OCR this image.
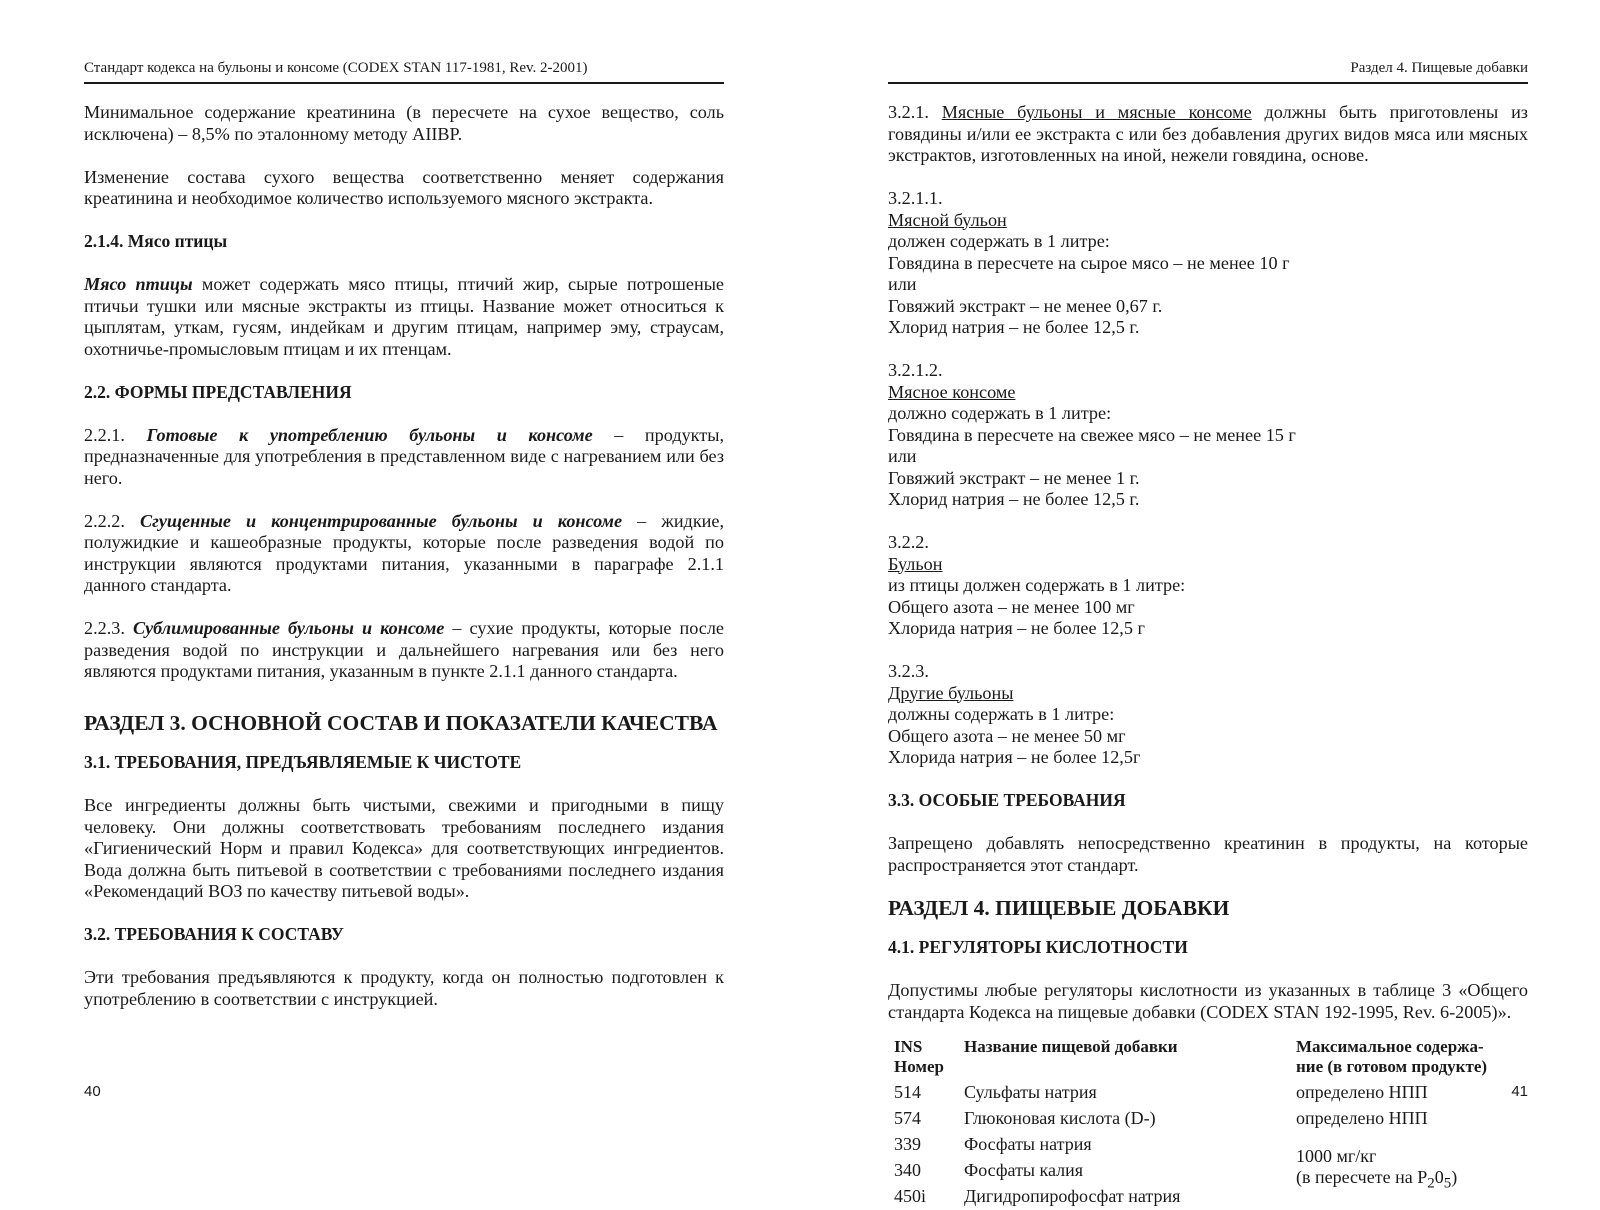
Стандарт кодекса на бульоны и консоме (CODEX STAN 117-1981, Rev. 2-2001)

Минимальное содержание креатинина (в пересчете на сухое вещество, соль исключена) – 8,5% по эталонному методу AIIBP.

Изменение состава сухого вещества соответственно меняет содержания креатинина и необходимое количество используемого мясного экстракта.

2.1.4. Мясо птицы

Мясо птицы может содержать мясо птицы, птичий жир, сырые потрошеные птичьи тушки или мясные экстракты из птицы. Название может относиться к цыплятам, уткам, гусям, индейкам и другим птицам, например эму, страусам, охотничье-промысловым птицам и их птенцам.

2.2. ФОРМЫ ПРЕДСТАВЛЕНИЯ

2.2.1. Готовые к употреблению бульоны и консоме – продукты, предназначенные для употребления в представленном виде с нагреванием или без него.

2.2.2. Сгущенные и концентрированные бульоны и консоме – жидкие, полужидкие и кашеобразные продукты, которые после разведения водой по инструкции являются продуктами питания, указанными в параграфе 2.1.1 данного стандарта.

2.2.3. Сублимированные бульоны и консоме – сухие продукты, которые после разведения водой по инструкции и дальнейшего нагревания или без него являются продуктами питания, указанным в пункте 2.1.1 данного стандарта.

РАЗДЕЛ 3. ОСНОВНОЙ СОСТАВ И ПОКАЗАТЕЛИ КАЧЕСТВА
3.1. ТРЕБОВАНИЯ, ПРЕДЪЯВЛЯЕМЫЕ К ЧИСТОТЕ

Все ингредиенты должны быть чистыми, свежими и пригодными в пищу человеку. Они должны соответствовать требованиям последнего издания «Гигиенический Норм и правил Кодекса» для соответствующих ингредиентов. Вода должна быть питьевой в соответствии с требованиями последнего издания «Рекомендаций ВОЗ по качеству питьевой воды».

3.2. ТРЕБОВАНИЯ К СОСТАВУ

Эти требования предъявляются к продукту, когда он полностью подготовлен к употреблению в соответствии с инструкцией.

40
Раздел 4. Пищевые добавки

3.2.1. Мясные бульоны и мясные консоме должны быть приготовлены из говядины и/или ее экстракта с или без добавления других видов мяса или мясных экстрактов, изготовленных на иной, нежели говядина, основе.

3.2.1.1.
Мясной бульон
должен содержать в 1 литре:
Говядина в пересчете на сырое мясо – не менее 10 г
или
Говяжий экстракт – не менее 0,67 г.
Хлорид натрия – не более 12,5 г.

3.2.1.2.
Мясное консоме
должно содержать в 1 литре:
Говядина в пересчете на свежее мясо – не менее 15 г
или
Говяжий экстракт – не менее 1 г.
Хлорид натрия – не более 12,5 г.

3.2.2.
Бульон
из птицы должен содержать в 1 литре:
Общего азота – не менее 100 мг
Хлорида натрия – не более 12,5 г

3.2.3.
Другие бульоны
должны содержать в 1 литре:
Общего азота – не менее 50 мг
Хлорида натрия – не более 12,5г

3.3. ОСОБЫЕ ТРЕБОВАНИЯ

Запрещено добавлять непосредственно креатинин в продукты, на которые распространяется этот стандарт.

РАЗДЕЛ 4. ПИЩЕВЫЕ ДОБАВКИ
4.1. РЕГУЛЯТОРЫ КИСЛОТНОСТИ

Допустимы любые регуляторы кислотности из указанных в таблице 3 «Общего стандарта Кодекса на пищевые добавки (CODEX STAN 192-1995, Rev. 6-2005)».

INS
Номер	Название пищевой добавки	Максимальное содержа-
ние (в готовом продукте)
514	Сульфаты натрия	определено НПП
574	Глюконовая кислота (D-)	определено НПП
339	Фосфаты натрия	1000 мг/кг
(в пересчете на $P_20_5$)
340	Фосфаты калия	
450i	Дигидропирофосфат натрия	
41
